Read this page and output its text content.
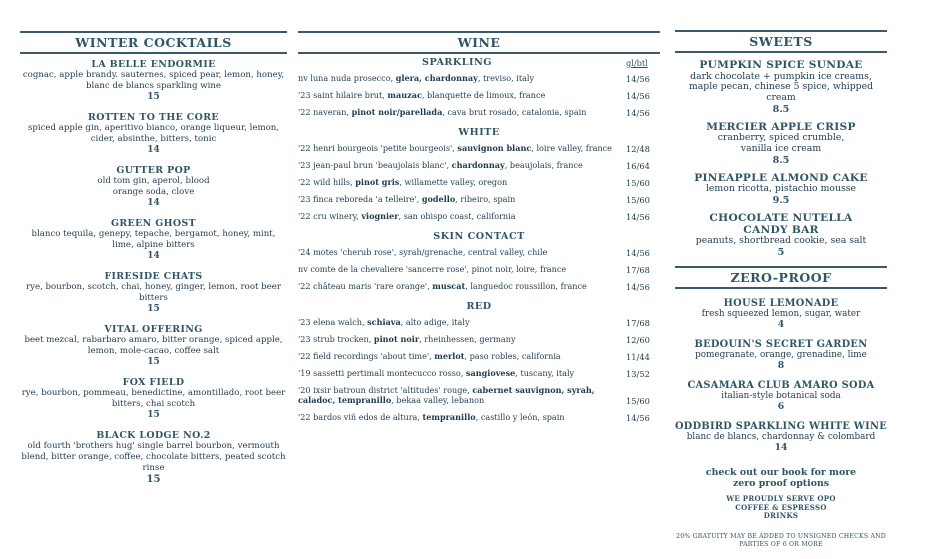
WINTER COCKTAILS
LA BELLE ENDORMIE
cognac, apple brandy. sauternes, spiced pear, lemon, honey, blanc de blancs sparkling wine
15
ROTTEN TO THE CORE
spiced apple gin, aperitivo bianco, orange liqueur, lemon, cider, absinthe, bitters, tonic
14
GUTTER POP
old tom gin, aperol, blood orange soda, clove
14
GREEN GHOST
blanco tequila, genepy, tepache, bergamot, honey, mint, lime, alpine bitters
14
FIRESIDE CHATS
rye, bourbon, scotch, chai, honey, ginger, lemon, root beer bitters
15
VITAL OFFERING
beet mezcal, rabarbaro amaro, bitter orange, spiced apple, lemon, mole-cacao, coffee salt
15
FOX FIELD
rye, bourbon, pommeau, benedictine, amontillado, root beer bitters, chai scotch
15
BLACK LODGE NO.2
old fourth 'brothers hug' single barrel bourbon, vermouth blend, bitter orange, coffee, chocolate bitters, peated scotch rinse
15
WINE
SPARKLING	gl/btl
nv luna nuda prosecco, glera, chardonnay, treviso, italy	14/56
'23 saint hilaire brut, mauzac, blanquette de limoux, france	14/56
'22 naveran, pinot noir/parellada, cava brut rosado, catalonia, spain	14/56
WHITE
'22 henri bourgeois 'petite bourgeois', sauvignon blanc, loire valley, france	12/48
'23 jean-paul brun 'beaujolais blanc', chardonnay, beaujolais, france	16/64
'22 wild hills, pinot gris, willamette valley, oregon	15/60
'23 finca reboreda 'a telleire', godello, ribeiro, spain	15/60
'22 cru winery, viognier, san obispo coast, california	14/56
SKIN CONTACT
'24 motes 'cherub rose', syrah/grenache, central valley, chile	14/56
nv comte de la chevaliere 'sancerre rose', pinot noir, loire, france	17/68
'22 château maris 'rare orange', muscat, languedoc roussillon, france	14/56
RED
'23 elena walch, schiava, alto adige, italy	17/68
'23 strub trocken, pinot noir, rheinhessen, germany	12/60
'22 field recordings 'about time', merlot, paso robles, california	11/44
'19 sassetti pertimali montecucco rosso, sangiovese, tuscany, italy	13/52
'20 ixsir batroun district 'altitudes' rouge, cabernet sauvignon, syrah, caladoc, tempranillo, bekaa valley, lebanon	15/60
'22 bardos viñ edos de altura, tempranillo, castillo y león, spain	14/56
SWEETS
PUMPKIN SPICE SUNDAE
dark chocolate + pumpkin ice creams, maple pecan, chinese 5 spice, whipped cream
8.5
MERCIER APPLE CRISP
cranberry, spiced crumble, vanilla ice cream
8.5
PINEAPPLE ALMOND CAKE
lemon ricotta, pistachio mousse
9.5
CHOCOLATE NUTELLA CANDY BAR
peanuts, shortbread cookie, sea salt
5
ZERO-PROOF
HOUSE LEMONADE
fresh squeezed lemon, sugar, water
4
BEDOUIN'S SECRET GARDEN
pomegranate, orange, grenadine, lime
8
CASAMARA CLUB AMARO SODA
italian-style botanical soda
6
ODDBIRD SPARKLING WHITE WINE
blanc de blancs, chardonnay & colombard
14
check out our book for more zero proof options
WE PROUDLY SERVE OPO COFFEE & ESPRESSO DRINKS
20% GRATUITY MAY BE ADDED TO UNSIGNED CHECKS AND PARTIES OF 6 OR MORE
